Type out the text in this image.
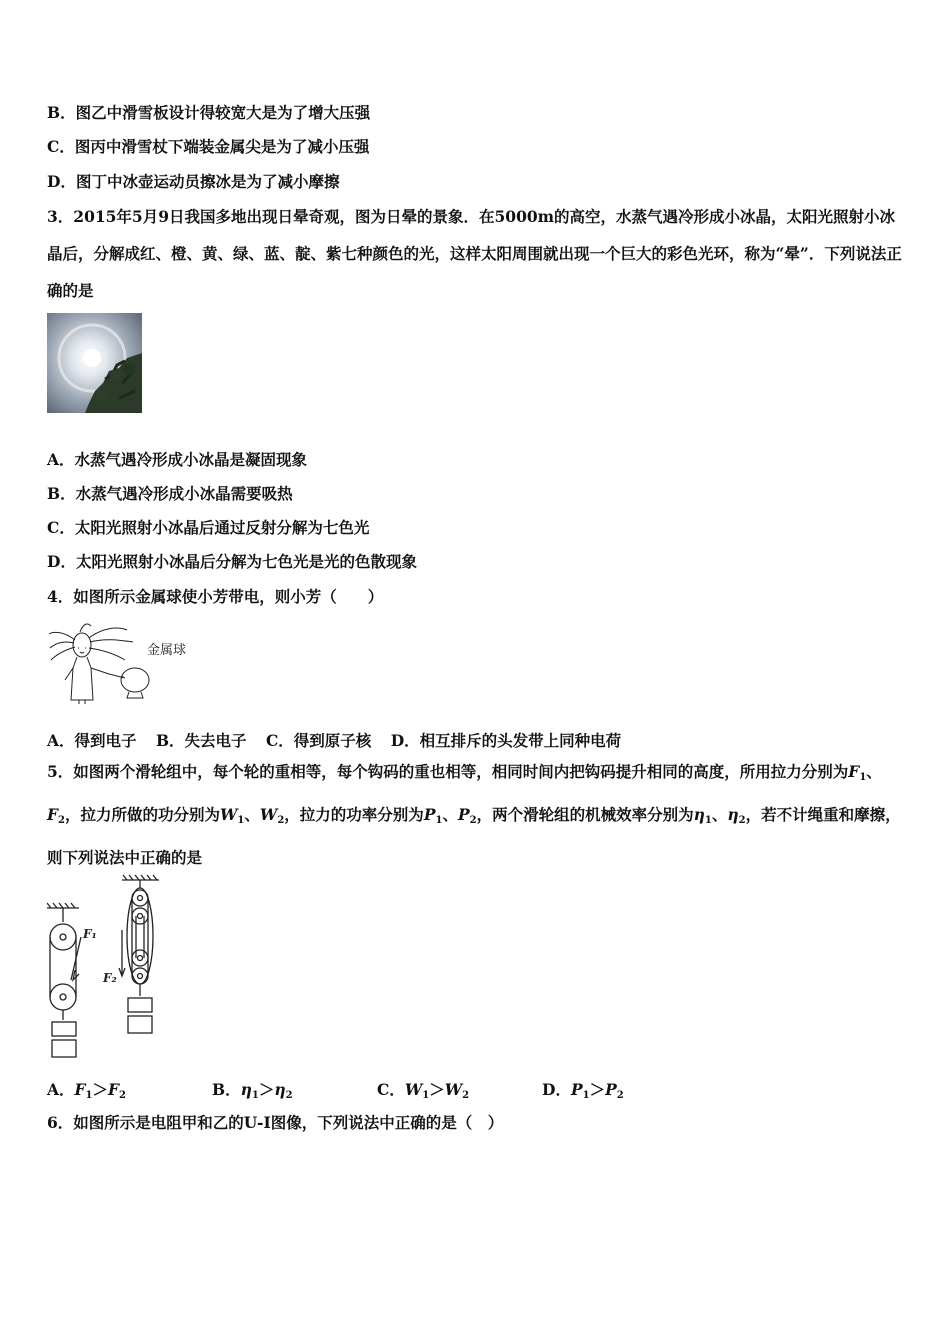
B．图乙中滑雪板设计得较宽大是为了增大压强
C．图丙中滑雪杖下端装金属尖是为了减小压强
D．图丁中冰壶运动员擦冰是为了减小摩擦
3．2015年5月9日我国多地出现日晕奇观，图为日晕的景象．在5000m的高空，水蒸气遇冷形成小冰晶，太阳光照射小冰晶后，分解成红、橙、黄、绿、蓝、靛、紫七种颜色的光，这样太阳周围就出现一个巨大的彩色光环，称为“晕”．下列说法正确的是
A．水蒸气遇冷形成小冰晶是凝固现象
B．水蒸气遇冷形成小冰晶需要吸热
C．太阳光照射小冰晶后通过反射分解为七色光
D．太阳光照射小冰晶后分解为七色光是光的色散现象
4．如图所示金属球使小芳带电，则小芳（　　）
金属球
A．得到电子 B．失去电子 C．得到原子核 D．相互排斥的头发带上同种电荷
5．如图两个滑轮组中，每个轮的重相等，每个钩码的重也相等，相同时间内把钩码提升相同的高度，所用拉力分别为$F_1$、$F_2$，拉力所做的功分别为$W_1$、$W_2$，拉力的功率分别为$P_1$、$P_2$，两个滑轮组的机械效率分别为$\eta_1$、$\eta_2$，若不计绳重和摩擦，则下列说法中正确的是
F₁
F₂
A．$F_1>F_2$	B．$\eta_1>\eta_2$	C．$W_1>W_2$	D．$P_1>P_2$
6．如图所示是电阻甲和乙的U-I图像，下列说法中正确的是（　）
